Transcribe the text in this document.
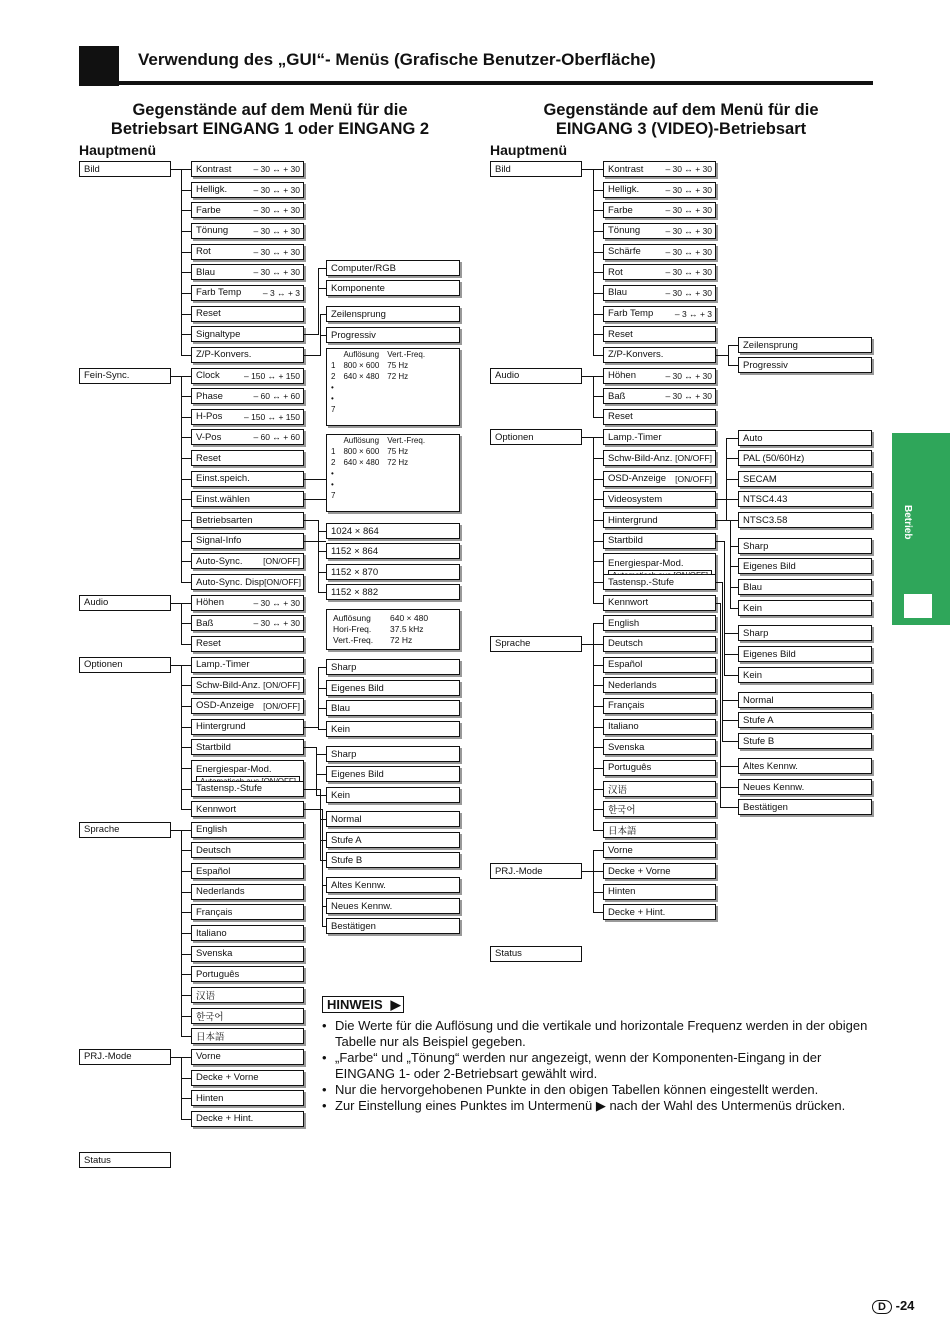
Verwendung des „GUI“- Menüs (Grafische Benutzer-Oberfläche)
Gegenstände auf dem Menü für die
Betriebsart EINGANG 1 oder EINGANG 2
Gegenstände auf dem Menü für die
EINGANG 3 (VIDEO)-Betriebsart
Hauptmenü	Hauptmenü
Bild
Fein-Sync.
Audio
Optionen
Sprache
PRJ.-Mode
Status
Kontrast	– 30 ↔ + 30
Helligk.	– 30 ↔ + 30
Farbe	– 30 ↔ + 30
Tönung	– 30 ↔ + 30
Rot	– 30 ↔ + 30
Blau	– 30 ↔ + 30
Farb Temp	– 3 ↔ + 3
Reset
Signaltype
Z/P-Konvers.
Clock	– 150 ↔ + 150
Phase	– 60 ↔ + 60
H-Pos	– 150 ↔ + 150
V-Pos	– 60 ↔ + 60
Reset
Einst.speich.
Einst.wählen
Betriebsarten
Signal-Info
Auto-Sync. [ON/OFF]
Auto-Sync. Disp [ON/OFF]
Höhen	– 30 ↔ + 30
Baß	– 30 ↔ + 30
Reset
Lamp.-Timer
Schw-Bild-Anz. [ON/OFF]
OSD-Anzeige [ON/OFF]
Hintergrund
Startbild
Energiespar-Mod.
Tastensp.-Stufe
Kennwort
English
Deutsch
Español
Nederlands
Français
Italiano
Svenska
Português
汉语
한국어
日本語
Vorne
Decke + Vorne
Hinten
Decke + Hint.
Computer/RGB
Komponente
Zeilensprung
Progressiv
1024 × 864
1152 × 864
1152 × 870
1152 × 882
Sharp
Eigenes Bild
Blau
Kein
Sharp
Eigenes Bild
Kein
Normal
Stufe A
Stufe B
Altes Kennw.
Neues Kennw.
Bestätigen
	Auflösung	Vert.-Freq.
1	800 × 600	75 Hz
2	640 × 480	72 Hz
•		
•		
7		
	Auflösung	Vert.-Freq.
1	800 × 600	75 Hz
2	640 × 480	72 Hz
•		
•		
7		
Auflösung 640 × 480
Hori-Freq. 37.5 kHz
Vert.-Freq. 72 Hz
Bild
Audio
Optionen
Sprache
PRJ.-Mode
Status
Kontrast	– 30 ↔ + 30
Helligk.	– 30 ↔ + 30
Farbe	– 30 ↔ + 30
Tönung	– 30 ↔ + 30
Schärfe	– 30 ↔ + 30
Rot	– 30 ↔ + 30
Blau	– 30 ↔ + 30
Farb Temp	– 3 ↔ + 3
Reset
Z/P-Konvers.
Höhen	– 30 ↔ + 30
Baß	– 30 ↔ + 30
Reset
Lamp.-Timer
Schw-Bild-Anz. [ON/OFF]
OSD-Anzeige [ON/OFF]
Videosystem
Hintergrund
Startbild
Energiespar-Mod.
Tastensp.-Stufe
Kennwort
English
Deutsch
Español
Nederlands
Français
Italiano
Svenska
Português
汉语
한국어
日本語
Vorne
Decke + Vorne
Hinten
Decke + Hint.
Zeilensprung
Progressiv
Auto
PAL (50/60Hz)
SECAM
NTSC4.43
NTSC3.58
Sharp
Eigenes Bild
Blau
Kein
Sharp
Eigenes Bild
Kein
Normal
Stufe A
Stufe B
Altes Kennw.
Neues Kennw.
Bestätigen
HINWEIS ▶
• Die Werte für die Auflösung und die vertikale und horizontale Frequenz werden in der obigen Tabelle nur als Beispiel gegeben.
• „Farbe“ und „Tönung“ werden nur angezeigt, wenn der Komponenten-Eingang in der EINGANG 1- oder 2-Betriebsart gewählt wird.
• Nur die hervorgehobenen Punkte in den obigen Tabellen können eingestellt werden.
• Zur Einstellung eines Punktes im Untermenü ▶ nach der Wahl des Untermenüs drücken.
Betrieb
D -24
